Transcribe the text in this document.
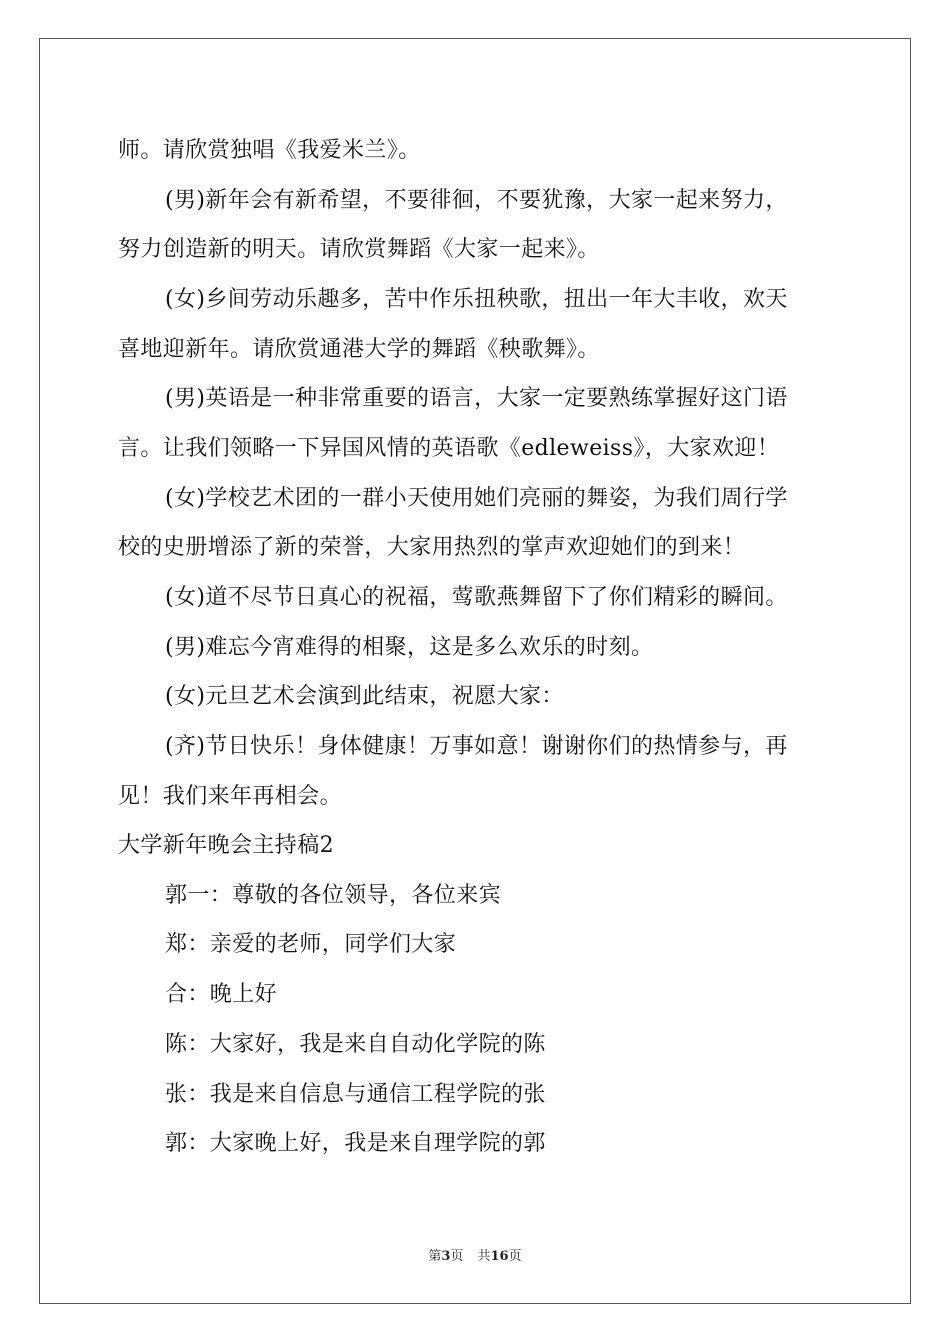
师。请欣赏独唱《我爱米兰》。
(男)新年会有新希望，不要徘徊，不要犹豫，大家一起来努力，
努力创造新的明天。请欣赏舞蹈《大家一起来》。
(女)乡间劳动乐趣多，苦中作乐扭秧歌，扭出一年大丰收，欢天
喜地迎新年。请欣赏通港大学的舞蹈《秧歌舞》。
(男)英语是一种非常重要的语言，大家一定要熟练掌握好这门语
言。让我们领略一下异国风情的英语歌《edleweiss》，大家欢迎！
(女)学校艺术团的一群小天使用她们亮丽的舞姿，为我们周行学
校的史册增添了新的荣誉，大家用热烈的掌声欢迎她们的到来！
(女)道不尽节日真心的祝福，莺歌燕舞留下了你们精彩的瞬间。
(男)难忘今宵难得的相聚，这是多么欢乐的时刻。
(女)元旦艺术会演到此结束，祝愿大家：
(齐)节日快乐！身体健康！万事如意！谢谢你们的热情参与，再
见！我们来年再相会。
大学新年晚会主持稿2
郭一：尊敬的各位领导，各位来宾
郑：亲爱的老师，同学们大家
合：晚上好
陈：大家好，我是来自自动化学院的陈
张：我是来自信息与通信工程学院的张
郭：大家晚上好，我是来自理学院的郭
第3页 共16页
